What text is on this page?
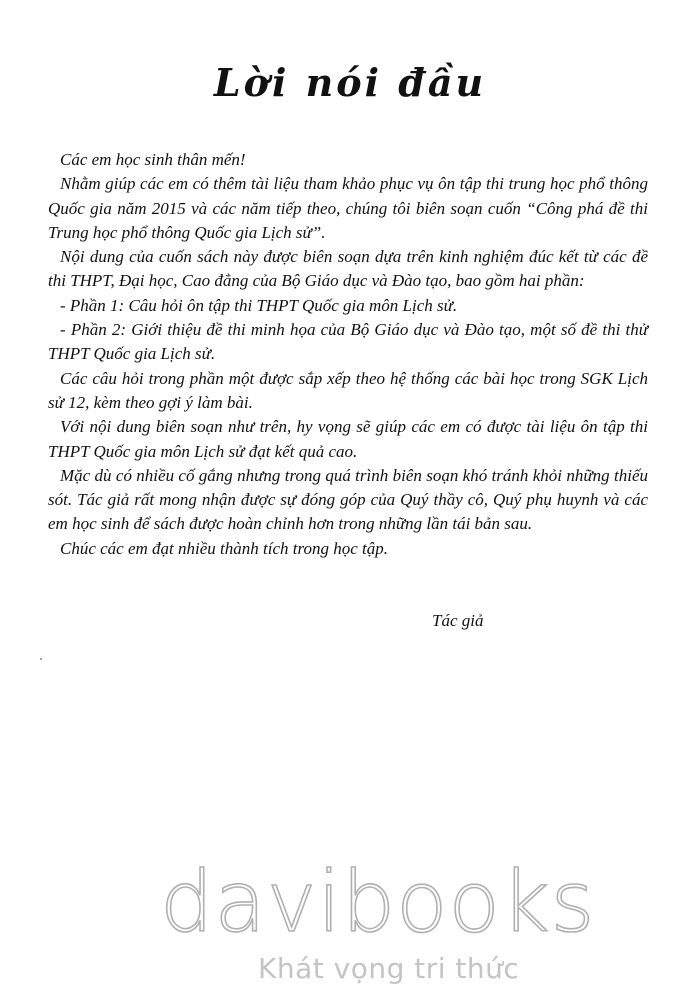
Lời nói đầu

Các em học sinh thân mến!

Nhằm giúp các em có thêm tài liệu tham khảo phục vụ ôn tập thi trung học phổ thông Quốc gia năm 2015 và các năm tiếp theo, chúng tôi biên soạn cuốn “Công phá đề thi Trung học phổ thông Quốc gia Lịch sử”.

Nội dung của cuốn sách này được biên soạn dựa trên kinh nghiệm đúc kết từ các đề thi THPT, Đại học, Cao đẳng của Bộ Giáo dục và Đào tạo, bao gồm hai phần:

- Phần 1: Câu hỏi ôn tập thi THPT Quốc gia môn Lịch sử.

- Phần 2: Giới thiệu đề thi minh họa của Bộ Giáo dục và Đào tạo, một số đề thi thử THPT Quốc gia Lịch sử.

Các câu hỏi trong phần một được sắp xếp theo hệ thống các bài học trong SGK Lịch sử 12, kèm theo gợi ý làm bài.

Với nội dung biên soạn như trên, hy vọng sẽ giúp các em có được tài liệu ôn tập thi THPT Quốc gia môn Lịch sử đạt kết quả cao.

Mặc dù có nhiều cố gắng nhưng trong quá trình biên soạn khó tránh khỏi những thiếu sót. Tác giả rất mong nhận được sự đóng góp của Quý thầy cô, Quý phụ huynh và các em học sinh để sách được hoàn chỉnh hơn trong những lần tái bản sau.

Chúc các em đạt nhiều thành tích trong học tập.

Tác giả
davibooks
Khát vọng tri thức
